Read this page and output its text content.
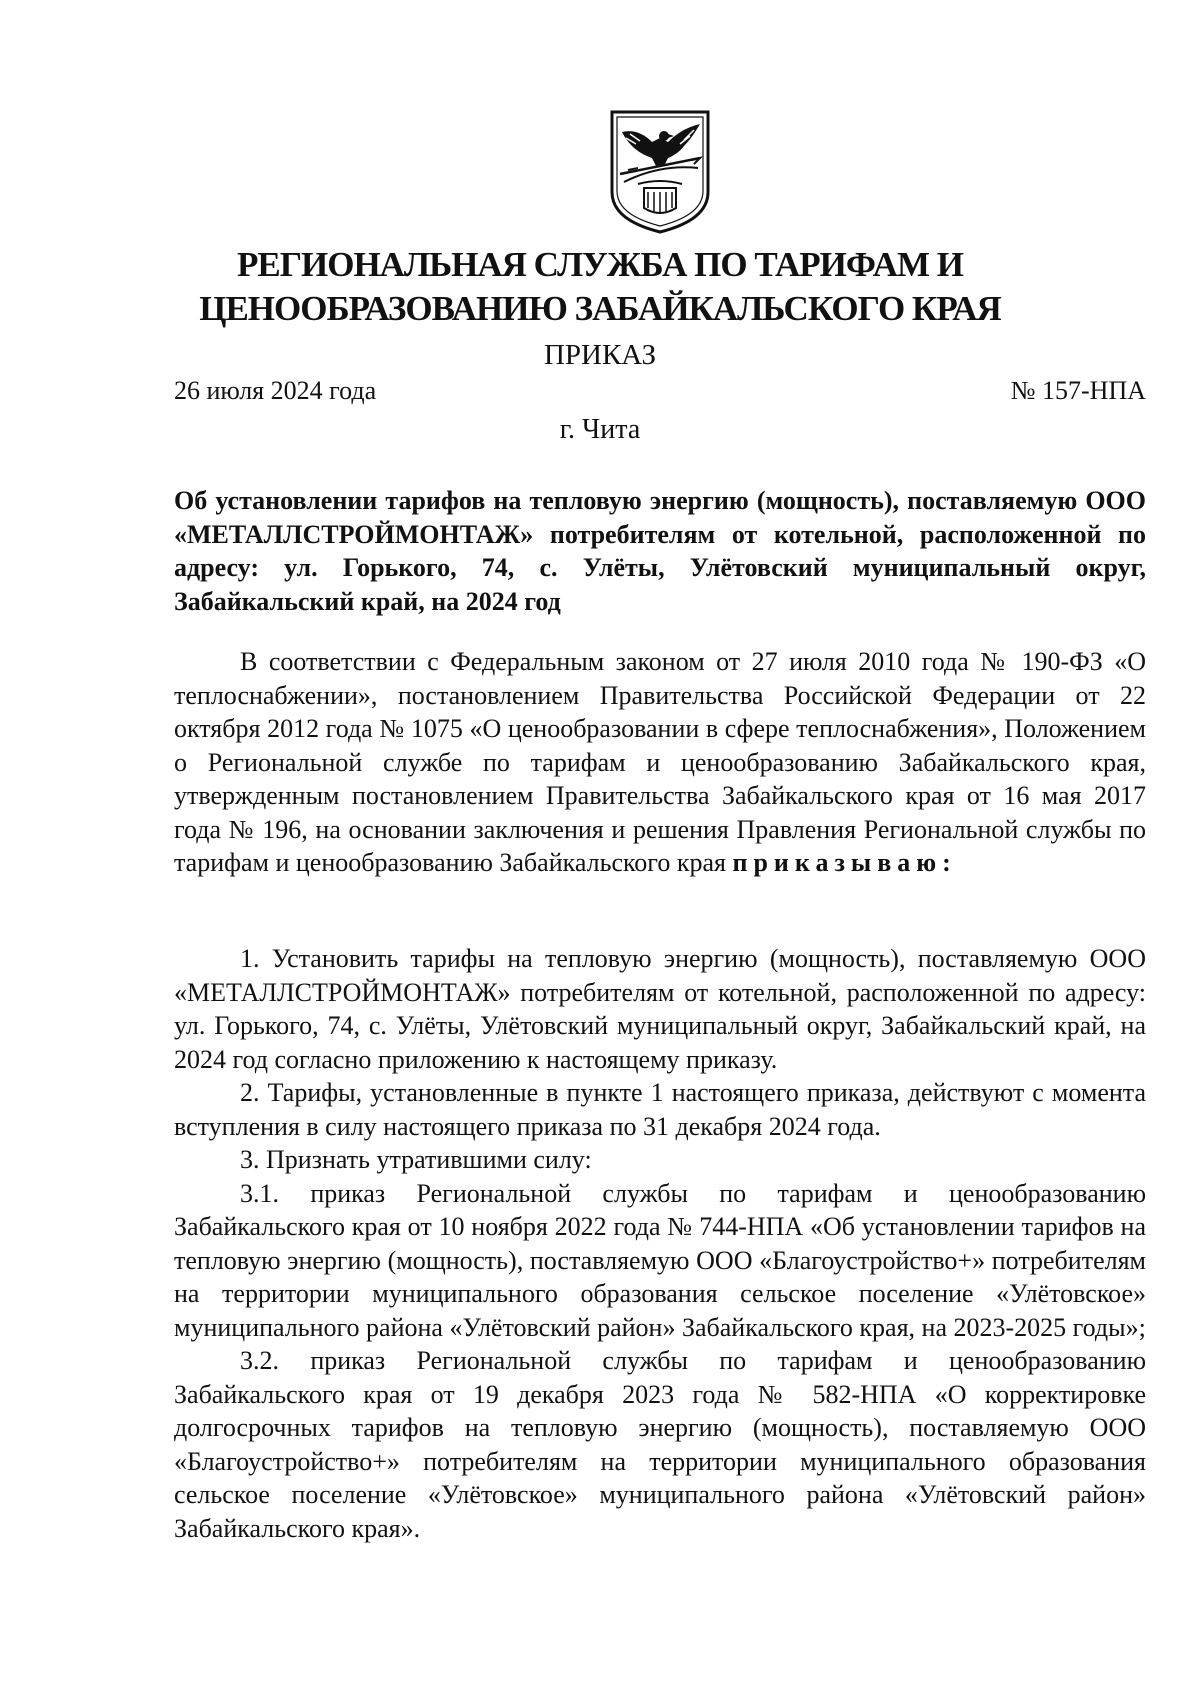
РЕГИОНАЛЬНАЯ СЛУЖБА ПО ТАРИФАМ И
ЦЕНООБРАЗОВАНИЮ ЗАБАЙКАЛЬСКОГО КРАЯ
ПРИКАЗ
26 июля 2024 года	№ 157-НПА
г. Чита
Об установлении тарифов на тепловую энергию (мощность), поставляемую ООО «МЕТАЛЛСТРОЙМОНТАЖ» потребителям от котельной, расположенной по адресу: ул. Горького, 74, с. Улёты, Улётовский муниципальный округ, Забайкальский край, на 2024 год

В соответствии с Федеральным законом от 27 июля 2010 года № 190-ФЗ «О теплоснабжении», постановлением Правительства Российской Федерации от 22 октября 2012 года № 1075 «О ценообразовании в сфере теплоснабжения», Положением о Региональной службе по тарифам и ценообразованию Забайкальского края, утвержденным постановлением Правительства Забайкальского края от 16 мая 2017 года № 196, на основании заключения и решения Правления Региональной службы по тарифам и ценообразованию Забайкальского края приказываю:

1. Установить тарифы на тепловую энергию (мощность), поставляемую ООО «МЕТАЛЛСТРОЙМОНТАЖ» потребителям от котельной, расположенной по адресу: ул. Горького, 74, с. Улёты, Улётовский муниципальный округ, Забайкальский край, на 2024 год согласно приложению к настоящему приказу.

2. Тарифы, установленные в пункте 1 настоящего приказа, действуют с момента вступления в силу настоящего приказа по 31 декабря 2024 года.

3. Признать утратившими силу:

3.1. приказ Региональной службы по тарифам и ценообразованию Забайкальского края от 10 ноября 2022 года № 744-НПА «Об установлении тарифов на тепловую энергию (мощность), поставляемую ООО «Благоустройство+» потребителям на территории муниципального образования сельское поселение «Улётовское» муниципального района «Улётовский район» Забайкальского края, на 2023-2025 годы»;

3.2. приказ Региональной службы по тарифам и ценообразованию Забайкальского края от 19 декабря 2023 года № 582-НПА «О корректировке долгосрочных тарифов на тепловую энергию (мощность), поставляемую ООО «Благоустройство+» потребителям на территории муниципального образования сельское поселение «Улётовское» муниципального района «Улётовский район» Забайкальского края».
